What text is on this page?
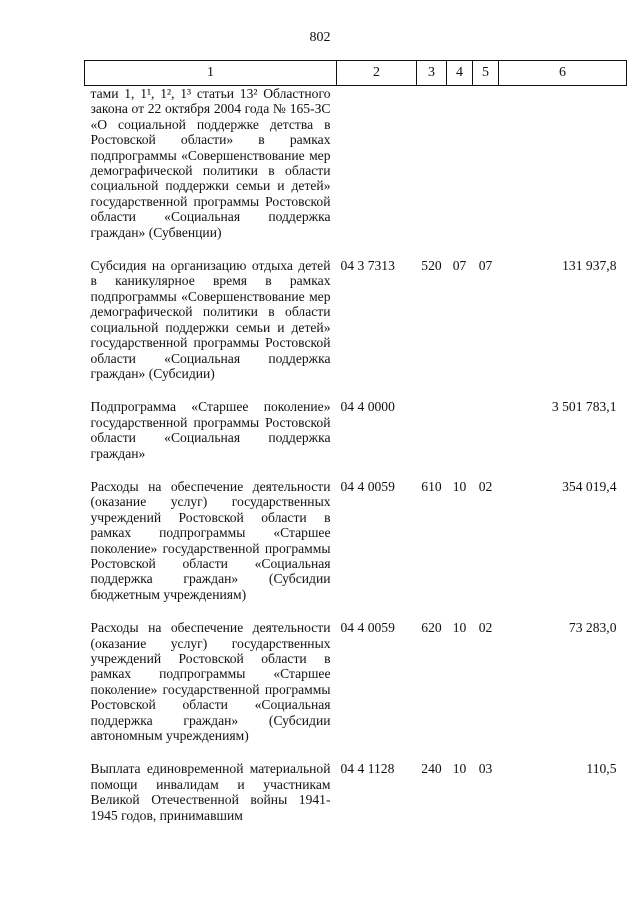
802
1	2	3	4	5	6
тами 1, 1¹, 1², 1³ статьи 13² Областного закона от 22 октября 2004 года № 165-ЗС «О социальной поддержке детства в Ростовской области» в рамках подпрограммы «Совершенствование мер демографической политики в области социальной поддержки семьи и детей» государственной программы Ростовской области «Социальная поддержка граждан» (Субвенции)					
Субсидия на организацию отдыха детей в каникулярное время в рамках подпрограммы «Совершенствование мер демографической политики в области социальной поддержки семьи и детей» государственной программы Ростовской области «Социальная поддержка граждан» (Субсидии)	04 3 7313	520	07	07	131 937,8
Подпрограмма «Старшее поколение» государственной программы Ростовской области «Социальная поддержка граждан»	04 4 0000				3 501 783,1
Расходы на обеспечение деятельности (оказание услуг) государственных учреждений Ростовской области в рамках подпрограммы «Старшее поколение» государственной программы Ростовской области «Социальная поддержка граждан» (Субсидии бюджетным учреждениям)	04 4 0059	610	10	02	354 019,4
Расходы на обеспечение деятельности (оказание услуг) государственных учреждений Ростовской области в рамках подпрограммы «Старшее поколение» государственной программы Ростовской области «Социальная поддержка граждан» (Субсидии автономным учреждениям)	04 4 0059	620	10	02	73 283,0
Выплата единовременной материальной помощи инвалидам и участникам Великой Отечественной войны 1941-1945 годов, принимавшим	04 4 1128	240	10	03	110,5
